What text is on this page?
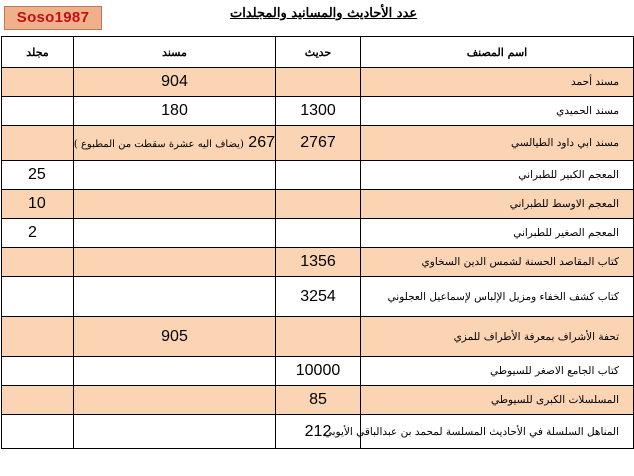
Soso1987	عدد الأحاديث والمسانيد والمجلدات
مجلد	مسند	حديث	اسم المصنف
	904		مسند أحمد
	180	1300	مسند الحميدي
	267 (يضاف اليه عشرة سقطت من المطبوع )	2767	مسند ابي داود الطيالسي
25			المعجم الكبير للطبراني
10			المعجم الاوسط للطبراني
2			المعجم الصغير للطبراني
		1356	كتاب المقاصد الحسنة لشمس الدين السخاوي
		3254	كتاب كشف الخفاء ومزيل الإلباس لإسماعيل العجلوني
	905		تحفة الأشراف بمعرفة الأطراف للمزي
		10000	كتاب الجامع الاصغر للسيوطي
		85	المسلسلات الكبرى للسيوطي
		212	المناهل السلسلة في الأحاديث المسلسة لمحمد بن عبدالباقي الأيوبي
